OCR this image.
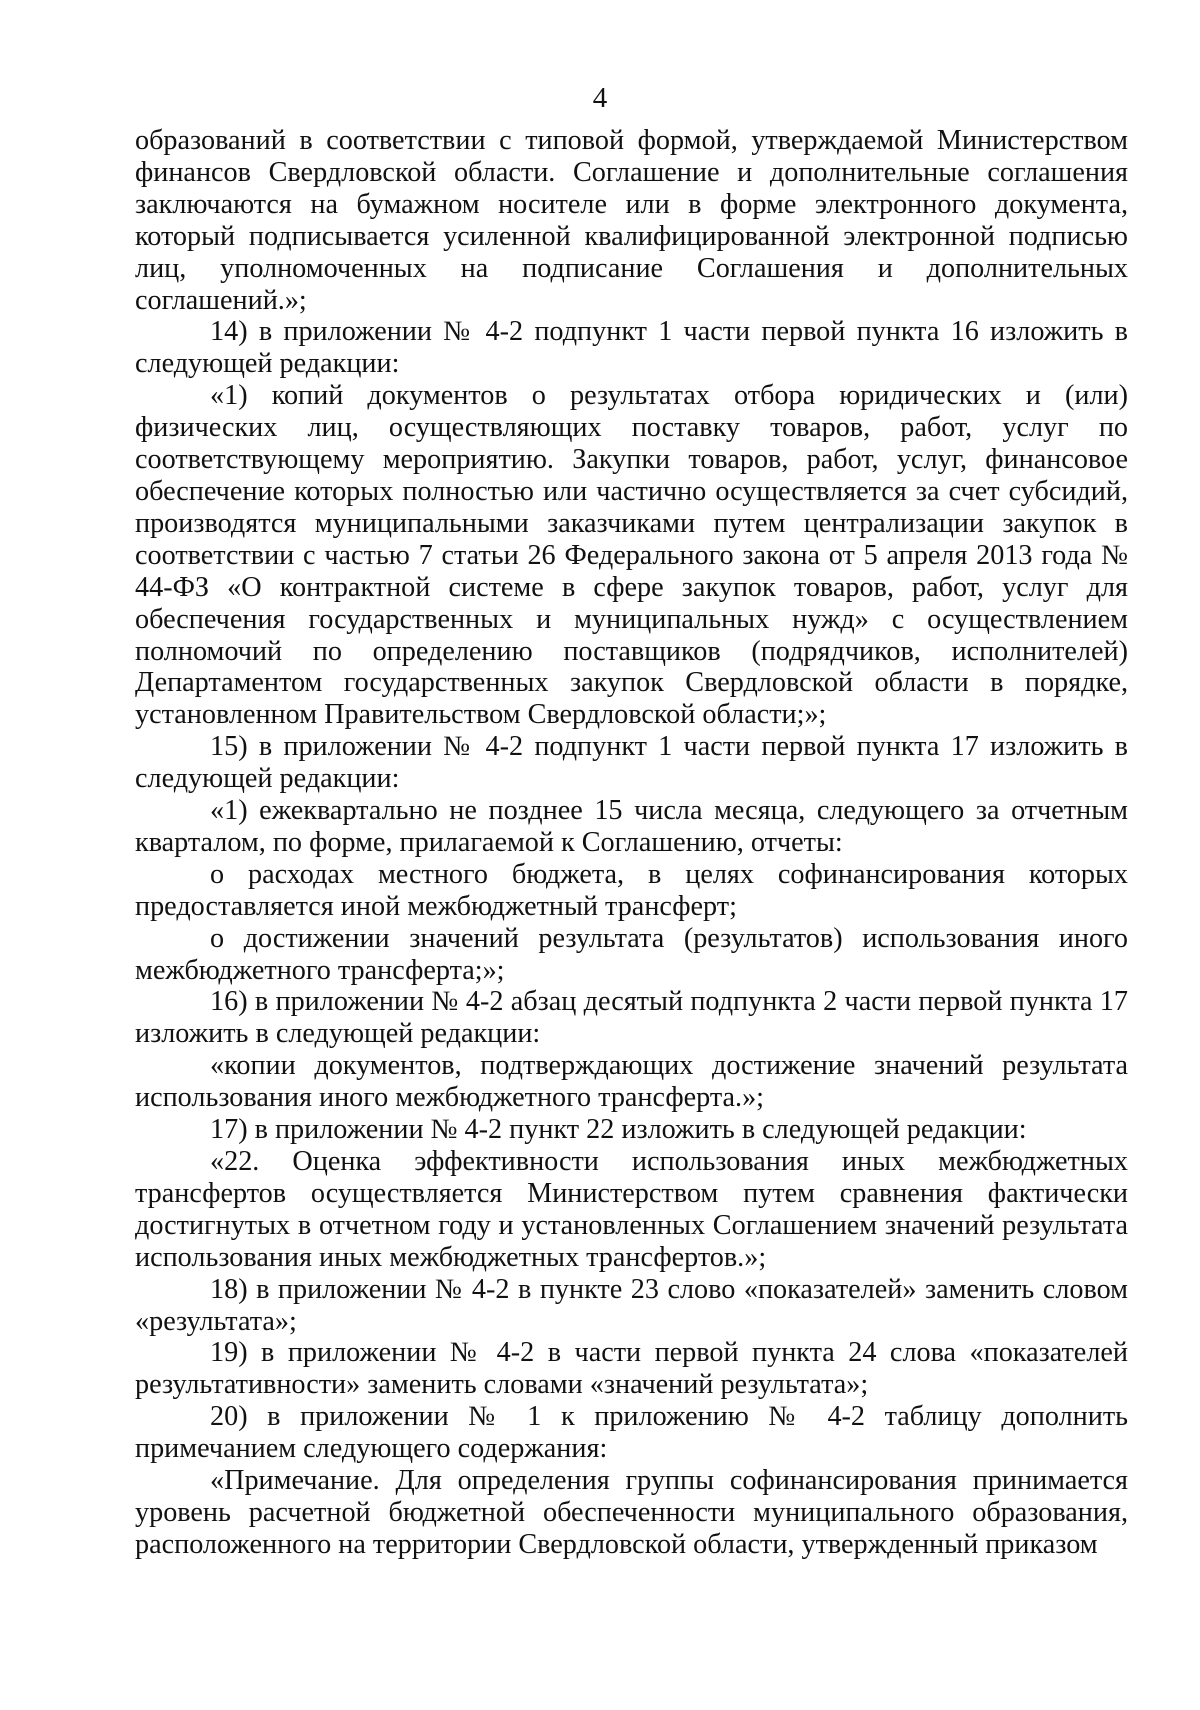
4

образований в соответствии с типовой формой, утверждаемой Министерством финансов Свердловской области. Соглашение и дополнительные соглашения заключаются на бумажном носителе или в форме электронного документа, который подписывается усиленной квалифицированной электронной подписью лиц, уполномоченных на подписание Соглашения и дополнительных соглашений.»;

14) в приложении № 4-2 подпункт 1 части первой пункта 16 изложить в следующей редакции:

«1) копий документов о результатах отбора юридических и (или) физических лиц, осуществляющих поставку товаров, работ, услуг по соответствующему мероприятию. Закупки товаров, работ, услуг, финансовое обеспечение которых полностью или частично осуществляется за счет субсидий, производятся муниципальными заказчиками путем централизации закупок в соответствии с частью 7 статьи 26 Федерального закона от 5 апреля 2013 года № 44-ФЗ «О контрактной системе в сфере закупок товаров, работ, услуг для обеспечения государственных и муниципальных нужд» с осуществлением полномочий по определению поставщиков (подрядчиков, исполнителей) Департаментом государственных закупок Свердловской области в порядке, установленном Правительством Свердловской области;»;

15) в приложении № 4-2 подпункт 1 части первой пункта 17 изложить в следующей редакции:

«1) ежеквартально не позднее 15 числа месяца, следующего за отчетным кварталом, по форме, прилагаемой к Соглашению, отчеты:

о расходах местного бюджета, в целях софинансирования которых предоставляется иной межбюджетный трансферт;

о достижении значений результата (результатов) использования иного межбюджетного трансферта;»;

16) в приложении № 4-2 абзац десятый подпункта 2 части первой пункта 17 изложить в следующей редакции:

«копии документов, подтверждающих достижение значений результата использования иного межбюджетного трансферта.»;

17) в приложении № 4-2 пункт 22 изложить в следующей редакции:

«22. Оценка эффективности использования иных межбюджетных трансфертов осуществляется Министерством путем сравнения фактически достигнутых в отчетном году и установленных Соглашением значений результата использования иных межбюджетных трансфертов.»;

18) в приложении № 4-2 в пункте 23 слово «показателей» заменить словом «результата»;

19) в приложении № 4-2 в части первой пункта 24 слова «показателей результативности» заменить словами «значений результата»;

20) в приложении № 1 к приложению № 4-2 таблицу дополнить примечанием следующего содержания:

«Примечание. Для определения группы софинансирования принимается уровень расчетной бюджетной обеспеченности муниципального образования, расположенного на территории Свердловской области, утвержденный приказом
